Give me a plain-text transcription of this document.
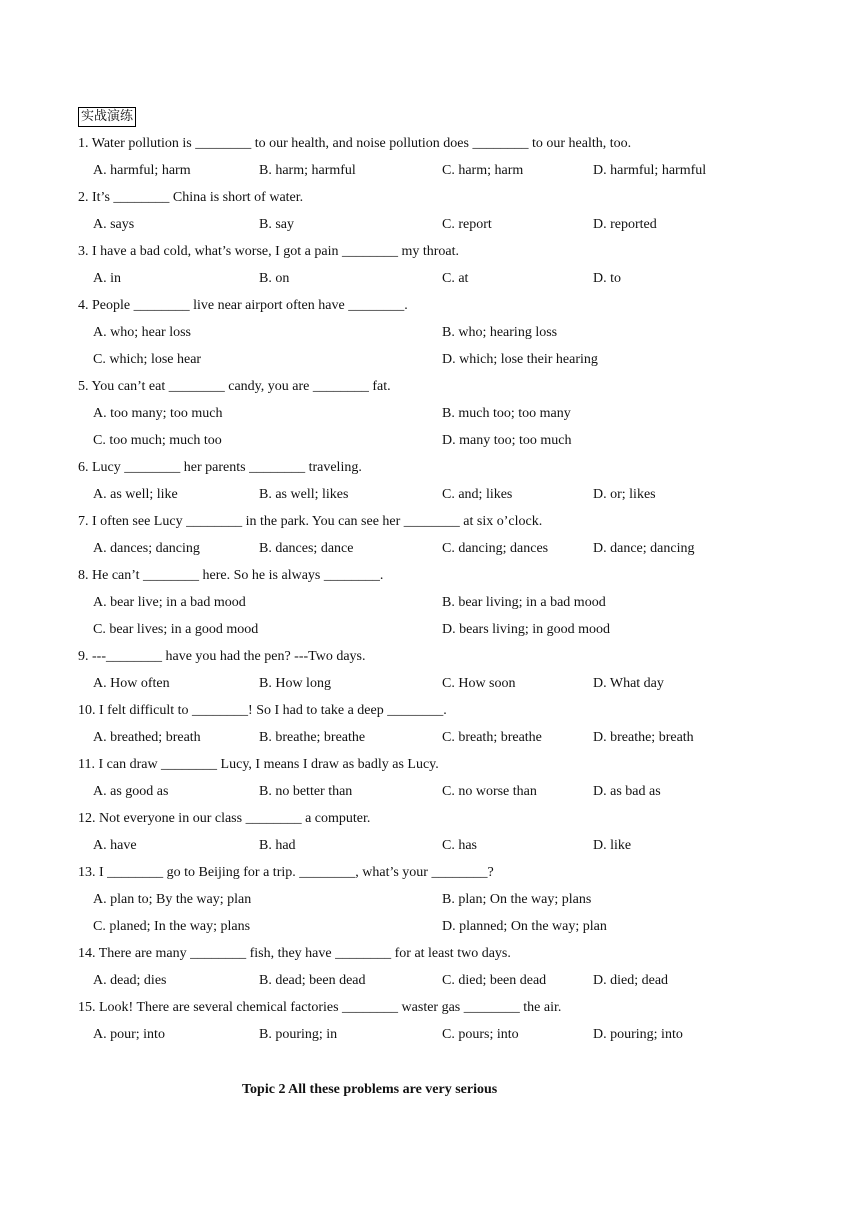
实战演练
1. Water pollution is ________ to our health, and noise pollution does ________ to our health, too.
A. harmful; harm	B. harm; harmful	C. harm; harm	D. harmful; harmful
2. It’s ________ China is short of water.
A. says	B. say	C. report	D. reported
3. I have a bad cold, what’s worse, I got a pain ________ my throat.
A. in	B. on	C. at	D. to
4. People ________ live near airport often have ________.
A. who; hear loss	B. who; hearing loss
C. which; lose hear	D. which; lose their hearing
5. You can’t eat ________ candy, you are ________ fat.
A. too many; too much	B. much too; too many
C. too much; much too	D. many too; too much
6. Lucy ________ her parents ________ traveling.
A. as well; like	B. as well; likes	C. and; likes	D. or; likes
7. I often see Lucy ________ in the park. You can see her ________ at six o’clock.
A. dances; dancing	B. dances; dance	C. dancing; dances	D. dance; dancing
8. He can’t ________ here. So he is always ________.
A. bear live; in a bad mood	B. bear living; in a bad mood
C. bear lives; in a good mood	D. bears living; in good mood
9. ---________ have you had the pen? ---Two days.
A. How often	B. How long	C. How soon	D. What day
10. I felt difficult to ________! So I had to take a deep ________.
A. breathed; breath	B. breathe; breathe	C. breath; breathe	D. breathe; breath
11. I can draw ________ Lucy, I means I draw as badly as Lucy.
A. as good as	B. no better than	C. no worse than	D. as bad as
12. Not everyone in our class ________ a computer.
A. have	B. had	C. has	D. like
13. I ________ go to Beijing for a trip. ________, what’s your ________?
A. plan to; By the way; plan	B. plan; On the way; plans
C. planed; In the way; plans	D. planned; On the way; plan
14. There are many ________ fish, they have ________ for at least two days.
A. dead; dies	B. dead; been dead	C. died; been dead	D. died; dead
15. Look! There are several chemical factories ________ waster gas ________ the air.
A. pour; into	B. pouring; in	C. pours; into	D. pouring; into
Topic 2 All these problems are very serious
